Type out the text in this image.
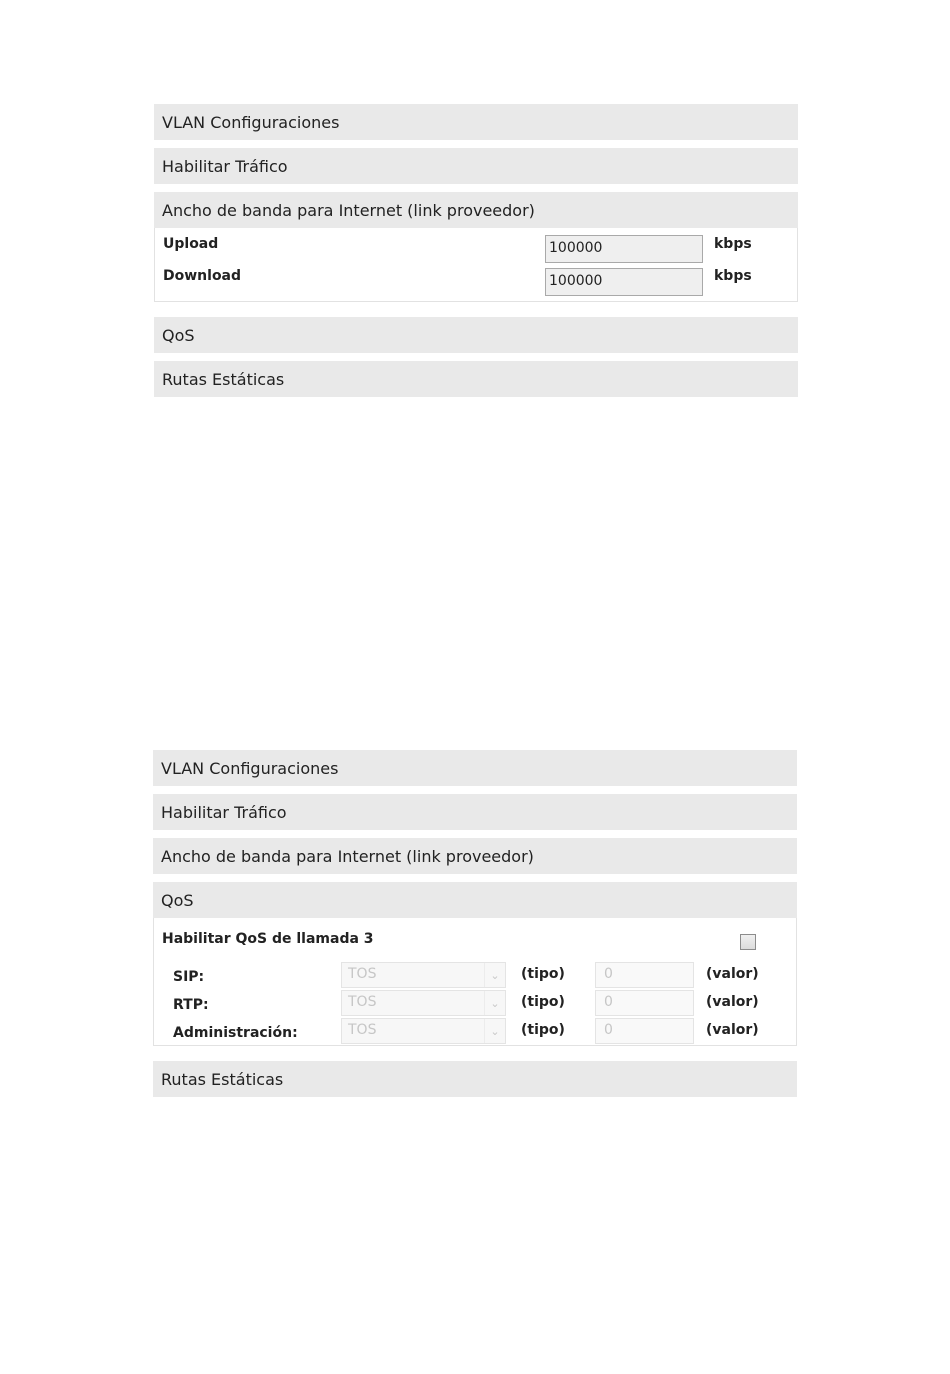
VLAN Configuraciones
Habilitar Tráfico
Ancho de banda para Internet (link proveedor)
Upload	100000	kbps
Download	100000	kbps
QoS
Rutas Estáticas
VLAN Configuraciones
Habilitar Tráfico
Ancho de banda para Internet (link proveedor)
QoS
Habilitar QoS de llamada 3
SIP:	TOS	⌄	(tipo)	0	(valor)
RTP:	TOS	⌄	(tipo)	0	(valor)
Administración:	TOS	⌄	(tipo)	0	(valor)
Rutas Estáticas
